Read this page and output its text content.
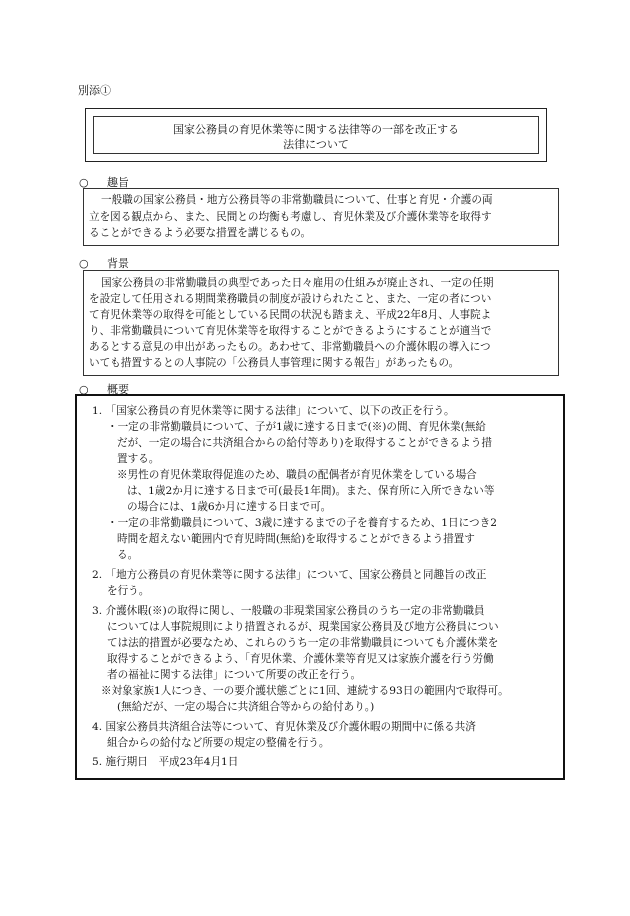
別添①
国家公務員の育児休業等に関する法律等の一部を改正する
法律について
○ 趣旨
一般職の国家公務員・地方公務員等の非常勤職員について、仕事と育児・介護の両
立を図る観点から、また、民間との均衡も考慮し、育児休業及び介護休業等を取得す
ることができるよう必要な措置を講じるもの。
○ 背景
国家公務員の非常勤職員の典型であった日々雇用の仕組みが廃止され、一定の任期
を設定して任用される期間業務職員の制度が設けられたこと、また、一定の者につい
て育児休業等の取得を可能としている民間の状況も踏まえ、平成22年8月、人事院よ
り、非常勤職員について育児休業等を取得することができるようにすることが適当で
あるとする意見の申出があったもの。あわせて、非常勤職員への介護休暇の導入につ
いても措置するとの人事院の「公務員人事管理に関する報告」があったもの。
○ 概要
1. 「国家公務員の育児休業等に関する法律」について、以下の改正を行う。
・一定の非常勤職員について、子が1歳に達する日まで(※)の間、育児休業(無給
だが、一定の場合に共済組合からの給付等あり)を取得することができるよう措
置する。
※男性の育児休業取得促進のため、職員の配偶者が育児休業をしている場合
は、1歳2か月に達する日まで可(最長1年間)。また、保育所に入所できない等
の場合には、1歳6か月に達する日まで可。
・一定の非常勤職員について、3歳に達するまでの子を養育するため、1日につき2
時間を超えない範囲内で育児時間(無給)を取得することができるよう措置す
る。
2. 「地方公務員の育児休業等に関する法律」について、国家公務員と同趣旨の改正
を行う。
3. 介護休暇(※)の取得に関し、一般職の非現業国家公務員のうち一定の非常勤職員
については人事院規則により措置されるが、現業国家公務員及び地方公務員につい
ては法的措置が必要なため、これらのうち一定の非常勤職員についても介護休業を
取得することができるよう、「育児休業、介護休業等育児又は家族介護を行う労働
者の福祉に関する法律」について所要の改正を行う。
※対象家族1人につき、一の要介護状態ごとに1回、連続する93日の範囲内で取得可。
(無給だが、一定の場合に共済組合等からの給付あり。)
4. 国家公務員共済組合法等について、育児休業及び介護休暇の期間中に係る共済
組合からの給付など所要の規定の整備を行う。
5. 施行期日　平成23年4月1日
